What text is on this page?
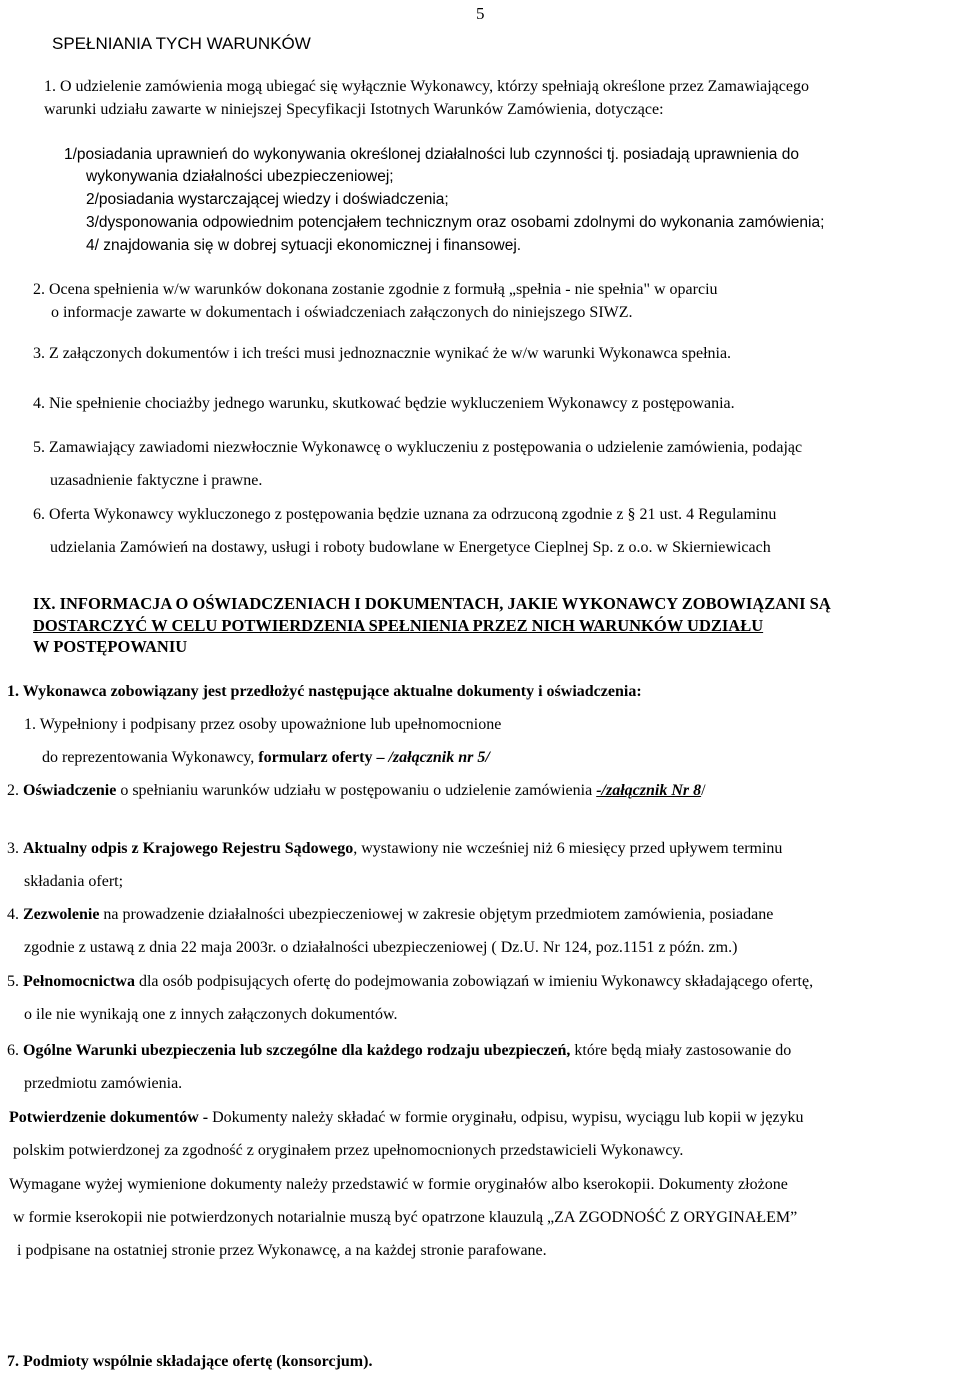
5
SPEŁNIANIA TYCH WARUNKÓW
1. O udzielenie zamówienia mogą ubiegać się wyłącznie Wykonawcy, którzy spełniają określone przez Zamawiającego
warunki udziału zawarte w niniejszej Specyfikacji Istotnych Warunków Zamówienia, dotyczące:
1/posiadania uprawnień do wykonywania określonej działalności lub czynności tj. posiadają uprawnienia do
wykonywania działalności ubezpieczeniowej;
2/posiadania wystarczającej wiedzy i doświadczenia;
3/dysponowania odpowiednim potencjałem technicznym oraz osobami zdolnymi do wykonania zamówienia;
4/ znajdowania się w dobrej sytuacji ekonomicznej i finansowej.
2. Ocena spełnienia w/w warunków dokonana zostanie zgodnie z formułą „spełnia - nie spełnia" w oparciu
o informacje zawarte w dokumentach i oświadczeniach załączonych do niniejszego SIWZ.
3. Z załączonych dokumentów i ich treści musi jednoznacznie wynikać że w/w warunki Wykonawca spełnia.
4. Nie spełnienie chociażby jednego warunku, skutkować będzie wykluczeniem Wykonawcy z postępowania.
5. Zamawiający zawiadomi niezwłocznie Wykonawcę o wykluczeniu z postępowania o udzielenie zamówienia, podając
uzasadnienie faktyczne i prawne.
6. Oferta Wykonawcy wykluczonego z postępowania będzie uznana za odrzuconą zgodnie z § 21 ust. 4 Regulaminu
udzielania Zamówień na dostawy, usługi i roboty budowlane w Energetyce Cieplnej Sp. z o.o. w Skierniewicach
IX. INFORMACJA O OŚWIADCZENIACH I DOKUMENTACH, JAKIE WYKONAWCY ZOBOWIĄZANI SĄ
DOSTARCZYĆ W CELU POTWIERDZENIA SPEŁNIENIA PRZEZ NICH WARUNKÓW UDZIAŁU
W POSTĘPOWANIU
1. Wykonawca zobowiązany jest przedłożyć następujące aktualne dokumenty i oświadczenia:
1. Wypełniony i podpisany przez osoby upoważnione lub upełnomocnione
do reprezentowania Wykonawcy, formularz oferty – /załącznik nr 5/
2. Oświadczenie o spełnianiu warunków udziału w postępowaniu o udzielenie zamówienia -/załącznik Nr 8/
3. Aktualny odpis z Krajowego Rejestru Sądowego, wystawiony nie wcześniej niż 6 miesięcy przed upływem terminu
składania ofert;
4. Zezwolenie na prowadzenie działalności ubezpieczeniowej w zakresie objętym przedmiotem zamówienia, posiadane
zgodnie z ustawą z dnia 22 maja 2003r. o działalności ubezpieczeniowej ( Dz.U. Nr 124, poz.1151 z późn. zm.)
5. Pełnomocnictwa dla osób podpisujących ofertę do podejmowania zobowiązań w imieniu Wykonawcy składającego ofertę,
o ile nie wynikają one z innych załączonych dokumentów.
6. Ogólne Warunki ubezpieczenia lub szczególne dla każdego rodzaju ubezpieczeń, które będą miały zastosowanie do
przedmiotu zamówienia.
Potwierdzenie dokumentów - Dokumenty należy składać w formie oryginału, odpisu, wypisu, wyciągu lub kopii w języku
polskim potwierdzonej za zgodność z oryginałem przez upełnomocnionych przedstawicieli Wykonawcy.
Wymagane wyżej wymienione dokumenty należy przedstawić w formie oryginałów albo kserokopii. Dokumenty złożone
w formie kserokopii nie potwierdzonych notarialnie muszą być opatrzone klauzulą „ZA ZGODNOŚĆ Z ORYGINAŁEM”
i podpisane na ostatniej stronie przez Wykonawcę, a na każdej stronie parafowane.
7. Podmioty wspólnie składające ofertę (konsorcjum).
